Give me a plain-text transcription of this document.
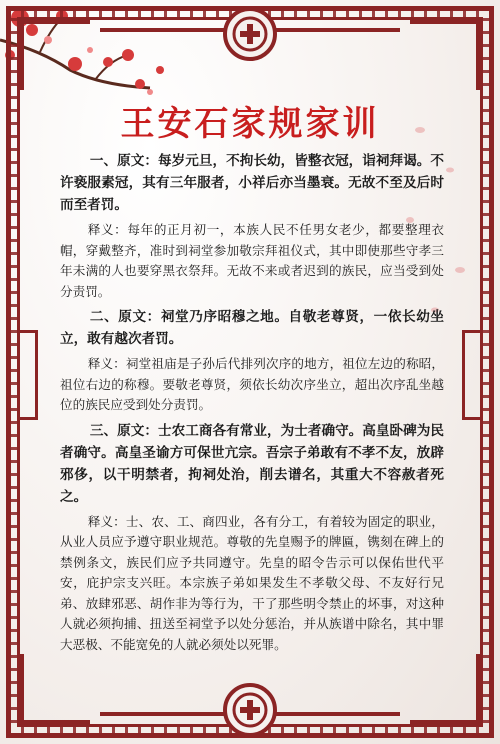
王安石家规家训

一、原文：每岁元旦，不拘长幼，皆整衣冠，诣祠拜谒。不许亵服素冠，其有三年服者，小祥后亦当墨衰。无故不至及后时而至者罚。

释义：每年的正月初一，本族人民不任男女老少，都要整理衣帽，穿戴整齐，准时到祠堂参加敬宗拜祖仪式，其中即使那些守孝三年未满的人也要穿黑衣祭拜。无故不来或者迟到的族民，应当受到处分责罚。

二、原文：祠堂乃序昭穆之地。自敬老尊贤，一依长幼坐立，敢有越次者罚。

释义：祠堂祖庙是子孙后代排列次序的地方，祖位左边的称昭，祖位右边的称穆。要敬老尊贤，须依长幼次序坐立，超出次序乱坐越位的族民应受到处分责罚。

三、原文：士农工商各有常业，为士者确守。高皇卧碑为民者确守。高皇圣谕方可保世亢宗。吾宗子弟敢有不孝不友，放辟邪侈，以干明禁者，拘祠处治，削去谱名，其重大不容赦者死之。

释义：士、农、工、商四业，各有分工，有着较为固定的职业，从业人员应予遵守职业规范。尊敬的先皇赐予的牌匾，镌刻在碑上的禁例条文，族民们应予共同遵守。先皇的昭令告示可以保佑世代平安，庇护宗支兴旺。本宗族子弟如果发生不孝敬父母、不友好行兄弟、放肆邪恶、胡作非为等行为，干了那些明令禁止的坏事，对这种人就必须拘捕、扭送至祠堂予以处分惩治，并从族谱中除名，其中罪大恶极、不能宽免的人就必须处以死罪。
